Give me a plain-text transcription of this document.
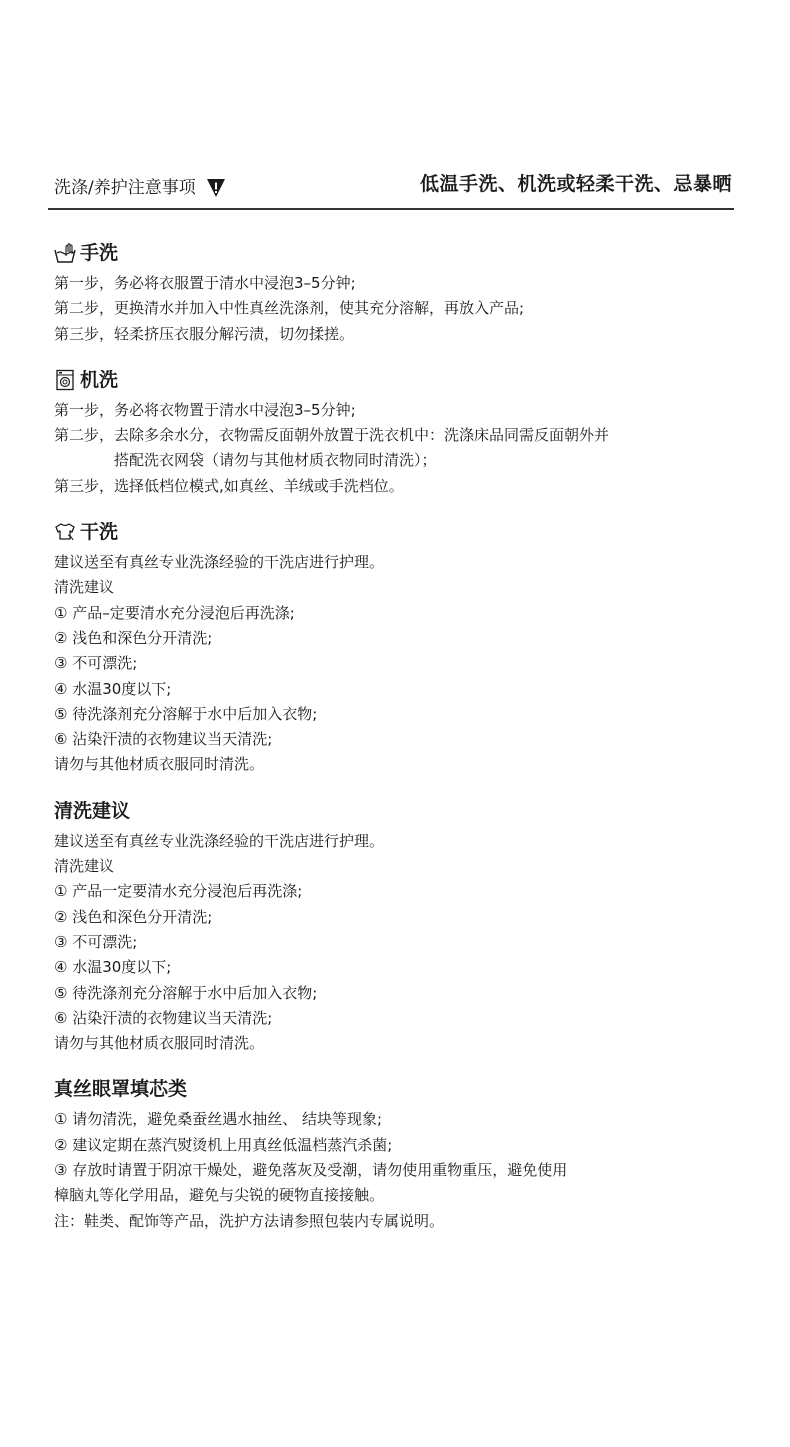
洗涤/养护注意事项	低温手洗、机洗或轻柔干洗、忌暴晒
手洗
第一步， 务必将衣服置于清水中浸泡3–5分钟;
第二步， 更换清水并加入中性真丝洗涤剂，使其充分溶解，再放入产品;
第三步， 轻柔挤压衣服分解污渍，切勿揉搓。
机洗
第一步， 务必将衣物置于清水中浸泡3–5分钟;
第二步， 去除多余水分，衣物需反面朝外放置于洗衣机中：洗涤床品同需反面朝外并
搭配洗衣网袋（请勿与其他材质衣物同时清洗）；
第三步， 选择低档位模式,如真丝、羊绒或手洗档位。
干洗
建议送至有真丝专业洗涤经验的干洗店进行护理。
清洗建议
① 产品–定要清水充分浸泡后再洗涤;
② 浅色和深色分开清洗;
③ 不可漂洗;
④ 水温30度以下;
⑤ 待洗涤剂充分溶解于水中后加入衣物;
⑥ 沾染汗渍的衣物建议当天清洗;
请勿与其他材质衣服同时清洗。
清洗建议
建议送至有真丝专业洗涤经验的干洗店进行护理。
清洗建议
① 产品一定要清水充分浸泡后再洗涤;
② 浅色和深色分开清洗;
③ 不可漂洗;
④ 水温30度以下;
⑤ 待洗涤剂充分溶解于水中后加入衣物;
⑥ 沾染汗渍的衣物建议当天清洗;
请勿与其他材质衣服同时清洗。
真丝眼罩填芯类
① 请勿清洗，避免桑蚕丝遇水抽丝、 结块等现象;
② 建议定期在蒸汽熨烫机上用真丝低温档蒸汽杀菌;
③ 存放时请置于阴凉干燥处，避免落灰及受潮，请勿使用重物重压，避免使用
樟脑丸等化学用品，避免与尖锐的硬物直接接触。
注：鞋类、配饰等产品，洗护方法请参照包装内专属说明。
